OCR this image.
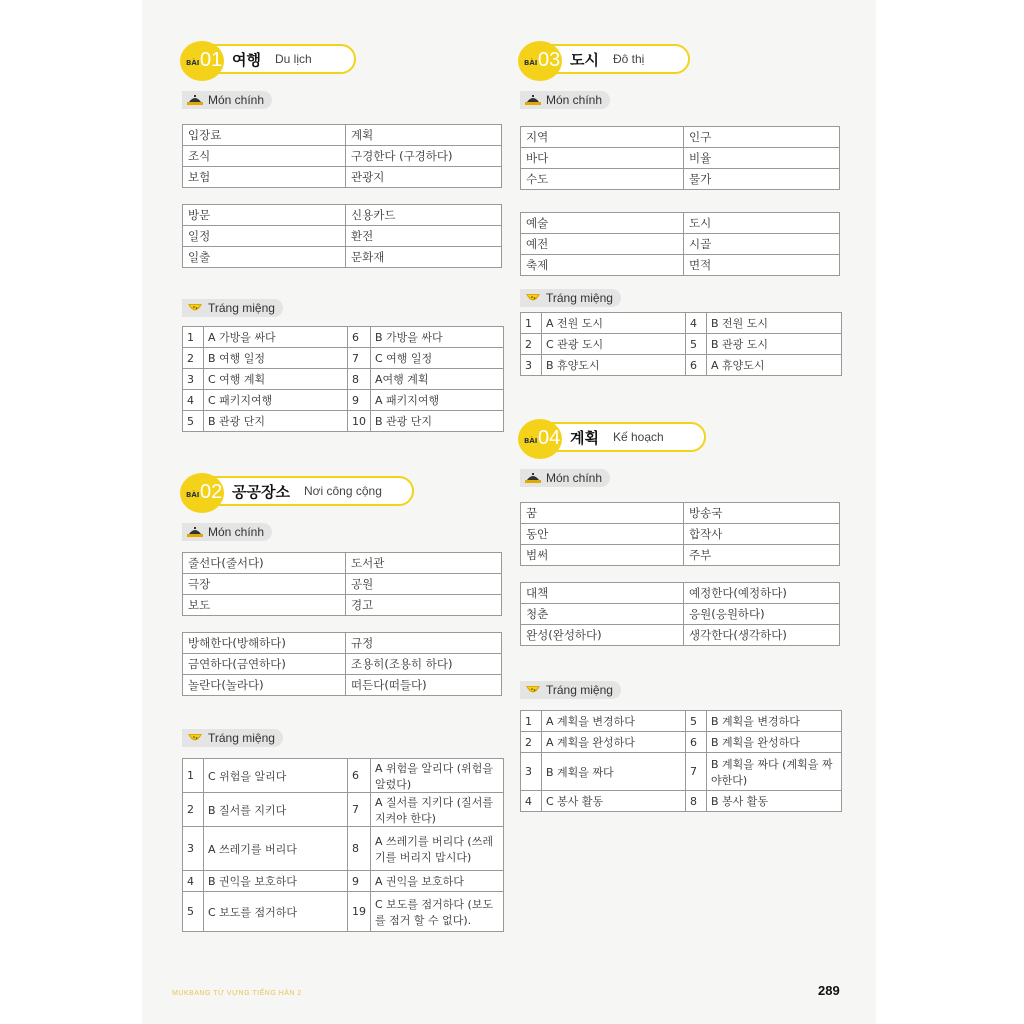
BÀI 01 여행 Du lịch
Món chính
입장료	계획
조식	구경한다 (구경하다)
보험	관광지
방문	신용카드
일정	환전
일출	문화재
Tráng miệng
1	A 가방을 싸다	6	B 가방을 싸다
2	B 여행 일정	7	C 여행 일정
3	C 여행 계획	8	A여행 계획
4	C 패키지여행	9	A 패키지여행
5	B 관광 단지	10	B 관광 단지
BÀI 02 공공장소 Nơi công cộng
Món chính
줄선다(줄서다)	도서관
극장	공원
보도	경고
방해한다(방해하다)	규정
금연하다(금연하다)	조용히(조용히 하다)
놀란다(놀라다)	떠든다(떠들다)
Tráng miệng
1	C 위험을 알리다	6	A 위험을 알리다 (위험을 알렸다)
2	B 질서를 지키다	7	A 질서를 지키다 (질서를 지켜야 한다)
3	A 쓰레기를 버리다	8	A 쓰레기를 버리다 (쓰레기를 버리지 맙시다)
4	B 권익을 보호하다	9	A 권익을 보호하다
5	C 보도를 점거하다	19	C 보도를 점거하다 (보도를 점거 할 수 없다).
BÀI 03 도시 Đô thị
Món chính
지역	인구
바다	비율
수도	물가
예술	도시
예전	시골
축제	면적
Tráng miệng
1	A 전원 도시	4	B 전원 도시
2	C 관광 도시	5	B 관광 도시
3	B 휴양도시	6	A 휴양도시
BÀI 04 계획 Kế hoạch
Món chính
꿈	방송국
동안	합작사
범써	주부
대책	예정한다(예정하다)
청춘	응원(응원하다)
완성(완성하다)	생각한다(생각하다)
Tráng miệng
1	A 계획을 변경하다	5	B 계획을 변경하다
2	A 계획을 완성하다	6	B 계획을 완성하다
3	B 계획을 짜다	7	B 계획을 짜다 (계획을 짜야한다)
4	C 봉사 활동	8	B 봉사 활동
MUKBANG TỪ VỰNG TIẾNG HÀN 2	289
